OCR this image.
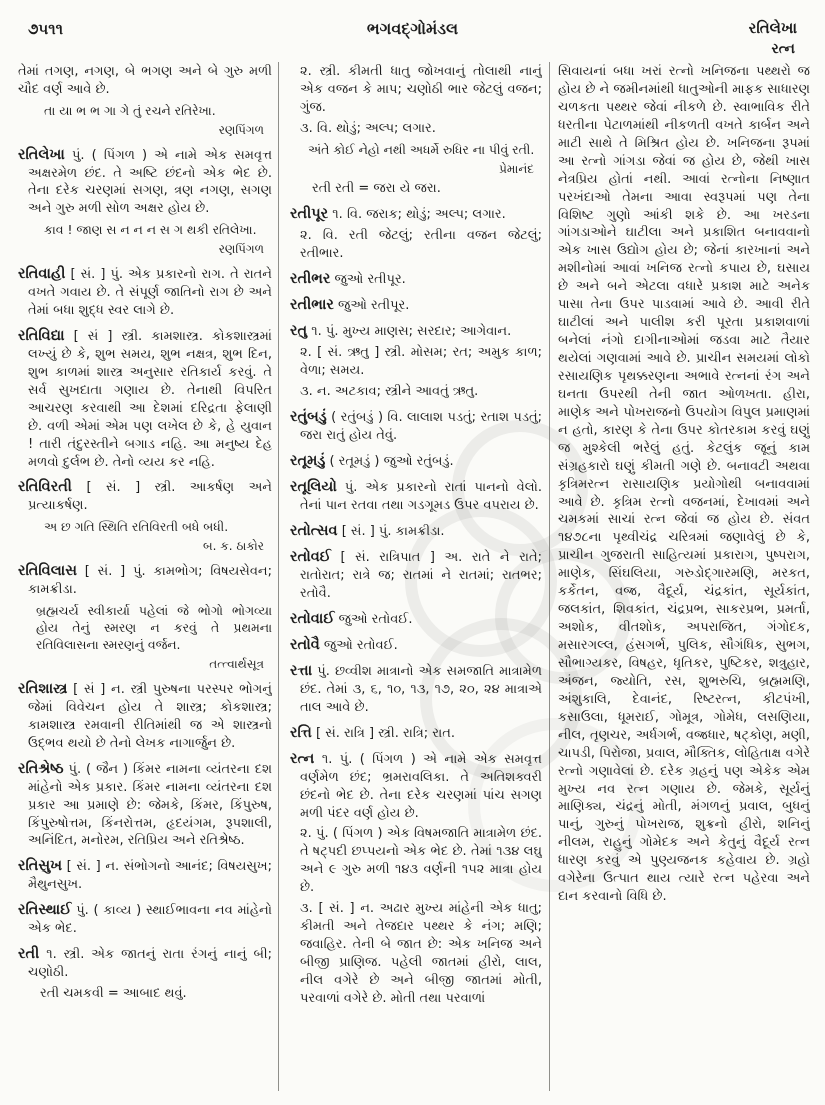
૭૫૧૧	ભગવદ્ગોમંડલ	રતિલેખા
રત્ન

તેમાં તગણ, નગણ, બે ભગણ અને બે ગુરુ મળી ચૌદ વર્ણ આવે છે.

તા યા ભ ભ ગા ગે તું રચને રતિરેખા.

રણપિંગળ

રતિલેખા પું. ( પિંગળ ) એ નામે એક સમવૃત્ત અક્ષરમેળ છંદ. તે અષ્ટિ છંદનો એક ભેદ છે. તેના દરેક ચરણમાં સગણ, ત્રણ નગણ, સગણ અને ગુરુ મળી સોળ અક્ષર હોય છે.

કાવ ! જાણ સ ન ન ન સ ગ થકી રતિલેખા.

રણપિંગળ

રતિવાહી [ સં. ] પું. એક પ્રકારનો રાગ. તે રાતને વખતે ગવાય છે. તે સંપૂર્ણ જાતિનો રાગ છે અને તેમાં બધા શુદ્ધ સ્વર લાગે છે.

રતિવિદ્યા [ સં ] સ્ત્રી. કામશાસ્ત્ર. કોકશાસ્ત્રમાં લખ્યું છે કે, શુભ સમય, શુભ નક્ષત્ર, શુભ દિન, શુભ કાળમાં શાસ્ત્ર અનુસાર રતિકાર્ય કરવું. તે સર્વ સુખદાતા ગણાય છે. તેનાથી વિપરિત આચરણ કરવાથી આ દેશમાં દરિદ્રતા ફેલાણી છે. વળી એમાં એમ પણ લખેલ છે કે, હે યુવાન ! તારી તંદુરસ્તીને બગાડ નહિ. આ મનુષ્ય દેહ મળવો દુર્લભ છે. તેનો વ્યય કર નહિ.

રતિવિરતી [ સં. ] સ્ત્રી. આકર્ષણ અને પ્રત્યાકર્ષણ.

અ છ ગતિ સ્થિતિ રતિવિરતી બધે બધી.

બ. ક. ઠાકોર

રતિવિલાસ [ સં. ] પું. કામભોગ; વિષયસેવન; કામક્રીડા.

બ્રહ્મચર્ય સ્વીકાર્યા પહેલાં જે ભોગો ભોગવ્યા હોય તેનું સ્મરણ ન કરવું તે પ્રથમના રતિવિલાસના સ્મરણનું વર્જન.

તત્ત્વાર્થસૂત્ર

રતિશાસ્ત્ર [ સં ] ન. સ્ત્રી પુરુષના પરસ્પર ભોગનું જેમાં વિવેચન હોય તે શાસ્ત્ર; કોકશાસ્ત્ર; કામશાસ્ત્ર રમવાની રીતિમાંથી જ એ શાસ્ત્રનો ઉદ્ભવ થયો છે તેનો લેખક નાગાર્જુન છે.

રતિશ્રેષ્ઠ પું. ( જૈન ) કિંમર નામના વ્યંતરના દશ માંહેનો એક પ્રકાર. કિંમર નામના વ્યંતરના દશ પ્રકાર આ પ્રમાણે છે: જેમકે, કિંમર, કિંપુરુષ, કિંપુરુષોત્તમ, કિંનરોત્તમ, હૃદયંગમ, રૂપશાલી, અનિંદિત, મનોરમ, રતિપ્રિય અને રતિશ્રેષ્ઠ.

રતિસુખ [ સં. ] ન. સંભોગનો આનંદ; વિષયસુખ; મૈથુનસુખ.

રતિસ્થાઈ પું. ( કાવ્ય ) સ્થાઈભાવના નવ માંહેનો એક ભેદ.

રતી ૧. સ્ત્રી. એક જાતનું રાતા રંગનું નાનું બી; ચણોઠી.

રતી ચમકવી = આબાદ થવું.

૨. સ્ત્રી. કીમતી ધાતુ જોખવાનું તોલાથી નાનું એક વજન કે માપ; ચણોઠી ભાર જેટલું વજન; ગુંજ.

૩. વિ. થોડું; અલ્પ; લગાર.

અંતે કોઈ નેહો નથી અધર્મે રુધિર ના પીવું રતી.

પ્રેમાનંદ

રતી રતી = જરા યે જરા.

રતીપૂર ૧. વિ. જરાક; થોડું; અલ્પ; લગાર.

૨. વિ. રતી જેટલું; રતીના વજન જેટલું; રતીભાર.

રતીભર જુઓ રતીપૂર.

રતીભાર જુઓ રતીપૂર.

રતુ ૧. પું. મુખ્ય માણસ; સરદાર; આગેવાન.

૨. [ સં. ઋતુ ] સ્ત્રી. મોસમ; રત; અમુક કાળ; વેળા; સમય.

૩. ન. અટકાવ; સ્ત્રીને આવતું ઋતુ.

રતુંબડું ( રતુંબડું ) વિ. લાલાશ પડતું; રતાશ પડતું; જરા રાતું હોય તેવું.

રતૂમડું ( રતૂમડું ) જુઓ રતુંબડું.

રતૂલિયો પું. એક પ્રકારનો રાતાં પાનનો વેલો. તેનાં પાન રતવા તથા ગડગૂમડ ઉપર વપરાય છે.

રતોત્સવ [ સં. ] પું. કામક્રીડા.

રતોવઈ [ સં. રાત્રિપાત ] અ. રાતે ને રાતે; રાતોરાત; રાત્રે જ; રાતમાં ને રાતમાં; રાતભર; રતોવૈ.

રતોવાઈ જુઓ રતોવઈ.

રતોવૈ જુઓ રતોવઈ.

રત્તા પું. છવ્વીશ માત્રાનો એક સમજાતિ માત્રામેળ છંદ. તેમાં ૩, ૬, ૧૦, ૧૩, ૧૭, ૨૦, ૨૪ માત્રાએ તાલ આવે છે.

રત્તિ [ સં. રાત્રિ ] સ્ત્રી. રાત્રિ; રાત.

રત્ન ૧. પું. ( પિંગળ ) એ નામે એક સમવૃત્ત વર્ણમેળ છંદ; ભ્રમરાવલિકા. તે અતિશક્વરી છંદનો ભેદ છે. તેના દરેક ચરણમાં પાંચ સગણ મળી પંદર વર્ણ હોય છે.

૨. પું. ( પિંગળ ) એક વિષમજાતિ માત્રામેળ છંદ. તે ષટ્પદી છપ્પયનો એક ભેદ છે. તેમાં ૧૩૪ લઘુ અને ૯ ગુરુ મળી ૧૪૩ વર્ણની ૧૫૨ માત્રા હોય છે.

૩. [ સં. ] ન. અઢાર મુખ્ય માંહેની એક ધાતુ; કીમતી અને તેજદાર પથ્થર કે નંગ; મણિ; જવાહિર. તેની બે જાત છે: એક ખનિજ અને બીજી પ્રાણિજ. પહેલી જાતમાં હીરો, લાલ, નીલ વગેરે છે અને બીજી જાતમાં મોતી, પરવાળાં વગેરે છે. મોતી તથા પરવાળાં

સિવાયનાં બધા ખરાં રત્નો ખનિજના પથ્થરો જ હોય છે ને જમીનમાંથી ધાતુઓની માફક સાધારણ ચળકતા પથ્થર જેવાં નીકળે છે. સ્વાભાવિક રીતે ધરતીના પેટાળમાંથી નીકળતી વખતે કાર્બન અને માટી સાથે તે મિશ્રિત હોય છે. ખનિજના રૂપમાં આ રત્નો ગાંગડા જેવાં જ હોય છે, જેથી ખાસ નેત્રપ્રિય હોતાં નથી. આવાં રત્નોના નિષ્ણાત પરખંદાઓ તેમના આવા સ્વરૂપમાં પણ તેના વિશિષ્ટ ગુણો આંકી શકે છે. આ ખરડના ગાંગડાઓને ઘાટીલા અને પ્રકાશિત બનાવવાનો એક ખાસ ઉદ્યોગ હોય છે; જેનાં કારખાનાં અને મશીનોમાં આવાં ખનિજ રત્નો કપાય છે, ઘસાય છે અને બને એટલા વધારે પ્રકાશ માટે અનેક પાસા તેના ઉપર પાડવામાં આવે છે. આવી રીતે ઘાટીલાં અને પાલીશ કરી પૂરતા પ્રકાશવાળાં બનેલાં નંગો દાગીનાઓમાં જડવા માટે તૈયાર થયેલાં ગણવામાં આવે છે. પ્રાચીન સમયમાં લોકો રસાયણિક પૃથક્કરણના અભાવે રત્નનાં રંગ અને ઘનતા ઉપરથી તેની જાત ઓળખતા. હીરા, માણેક અને પોખરાજનો ઉપયોગ વિપુલ પ્રમાણમાં ન હતો, કારણ કે તેના ઉપર કોતરકામ કરવું ઘણું જ મુશ્કેલી ભરેલું હતું. કેટલુંક જૂનું કામ સંગ્રહકારો ઘણું કીમતી ગણે છે. બનાવટી અથવા કૃત્રિમરત્ન રાસાયણિક પ્રયોગોથી બનાવવામાં આવે છે. કૃત્રિમ રત્નો વજનમાં, દેખાવમાં અને ચમકમાં સાચાં રત્ન જેવાં જ હોય છે. સંવત ૧૪૭૮ના પૃથ્વીચંદ્ર ચરિત્રમાં જણાવેલું છે કે, પ્રાચીન ગુજરાતી સાહિત્યમાં પ્રકારાગ, પુષ્પરાગ, માણેક, સિંઘલિયા, ગરુડોદ્ગારમણિ, મરકત, કર્કેતન, વજ્ર, વૈદૂર્ય, ચંદ્રકાંત, સૂર્યકાંત, જલકાંત, શિવકાંત, ચંદ્રપ્રભ, સાકરપ્રભ, પ્રમર્તા, અશોક, વીતશોક, અપરાજિત, ગંગોદક, મસારગલ્લ, હંસગર્ભ, પુલિક, સૌગંધિક, સુભગ, સૌભાગ્યકર, વિષહર, ધૃતિકર, પુષ્ટિકર, શત્રુહાર, અંજન, જ્યોતિ, રસ, શુભરુચિ, બ્રહ્મમણિ, અંશુકાલિ, દેવાનંદ, રિષ્ટરત્ન, કીટપંખી, કસાઉલા, ધૂમરાઈ, ગોમૂત્ર, ગોમેધ, લસણિયા, નીલ, તૃણચર, અર્ધગર્ભ, વજ્રધાર, ષટ્કોણ, મણી, ચાપડી, પિરોજા, પ્રવાલ, મૌક્તિક, લોહિતાક્ષ વગેરે રત્નો ગણાવેલાં છે. દરેક ગ્રહનું પણ એકેક એમ મુખ્ય નવ રત્ન ગણાય છે. જેમકે, સૂર્યનું માણિક્ય, ચંદ્રનું મોતી, મંગળનું પ્રવાલ, બુધનું પાનું, ગુરુનું પોખરાજ, શુક્રનો હીરો, શનિનું નીલમ, રાહુનું ગોમેદક અને કેતુનું વૈદૂર્ય રત્ન ધારણ કરવું એ પુણ્યજનક કહેવાય છે. ગ્રહો વગેરેના ઉત્પાત થાય ત્યારે રત્ન પહેરવા અને દાન કરવાનો વિધિ છે.
